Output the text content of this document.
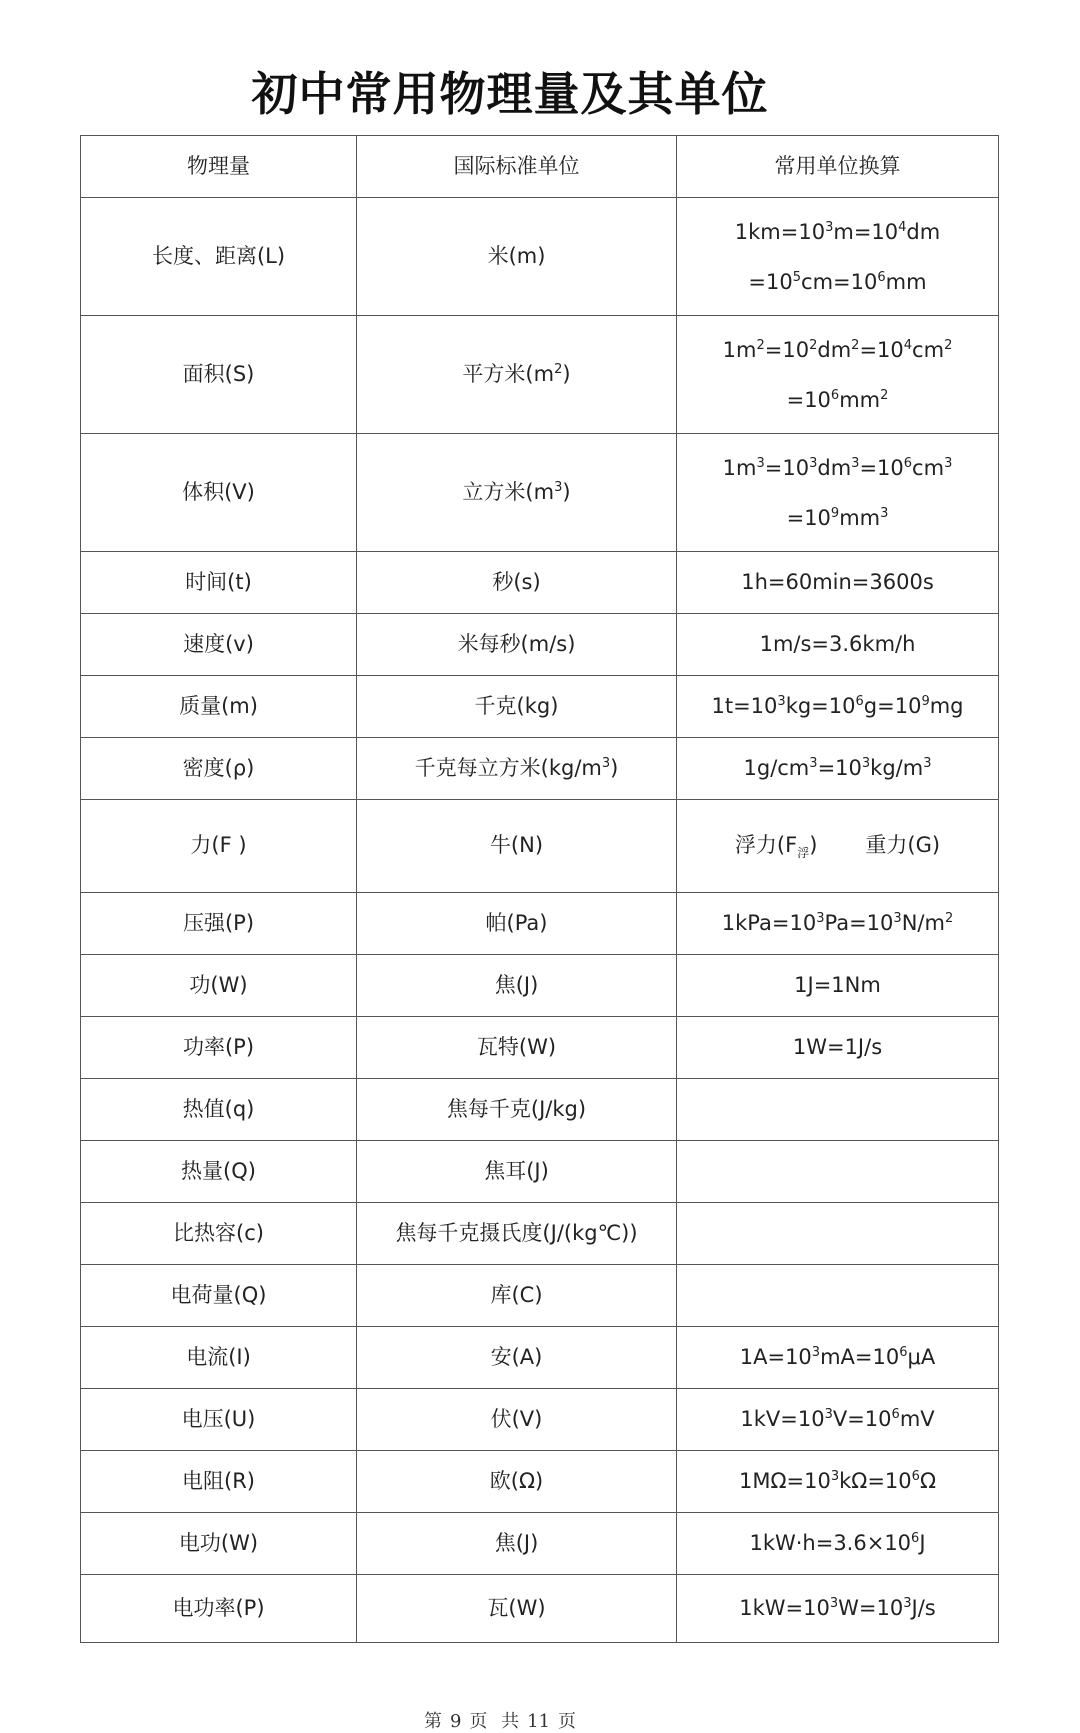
初中常用物理量及其单位
物理量	国际标准单位	常用单位换算
长度、距离(L)	米(m)	$1km=10^3m=10^4dm$
$=10^5cm=10^6mm$

面积(S)	平方米$(m^2)$	$1m^2=10^2dm^2=10^4cm^2$
$=10^6mm^2$

体积(V)	立方米$(m^3)$	$1m^3=10^3dm^3=10^6cm^3$
$=10^9mm^3$

时间(t)	秒(s)	1h=60min=3600s
速度(v)	米每秒(m/s)	1m/s=3.6km/h
质量(m)	千克(kg)	$1t=10^3kg=10^6g=10^9mg$
密度(ρ)	千克每立方米$(kg/m^3)$	$1g/cm^3=10^3kg/m^3$
力(F )	牛(N)	浮力$(F_浮)$ 重力(G)
压强(P)	帕(Pa)	$1kPa=10^3Pa=10^3N/m^2$
功(W)	焦(J)	1J=1Nm
功率(P)	瓦特(W)	1W=1J/s
热值(q)	焦每千克(J/kg)	
热量(Q)	焦耳(J)	
比热容(c)	焦每千克摄氏度(J/(kg℃))	
电荷量(Q)	库(C)	
电流(I)	安(A)	$1A=10^3mA=10^6\mu A$
电压(U)	伏(V)	$1kV=10^3V=10^6mV$
电阻(R)	欧(Ω)	$1M\Omega=10^3k\Omega=10^6\Omega$
电功(W)	焦(J)	$1kW\cdot h=3.6\times 10^6J$
电功率(P)	瓦(W)	$1kW=10^3W=10^3J/s$
第 9 页 共 11 页
